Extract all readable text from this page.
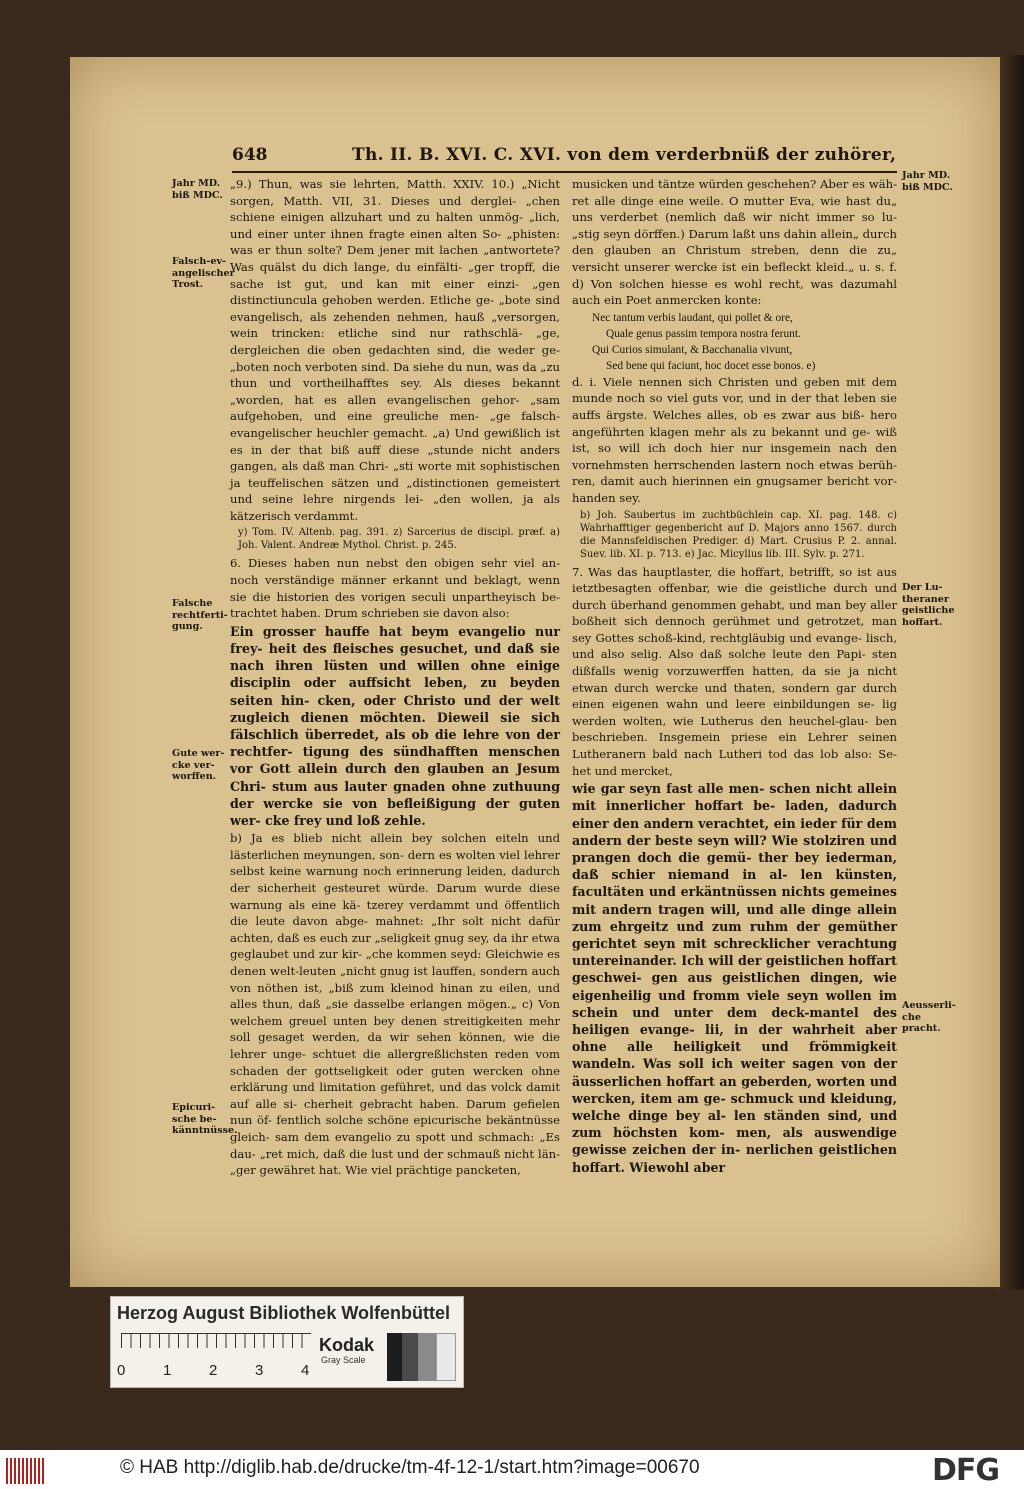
648	Th. II. B. XVI. C. XVI. von dem verderbnüß der zuhörer,
Jahr MD. biß MDC.
Falsch-ev-angelischer Trost.
Falsche rechtferti-gung.
Gute wer-cke ver-worffen.
Epicuri-sche be-känntnüsse.
Jahr MD. biß MDC.
Der Lu-theraner geistliche hoffart.
Aeusserli-che pracht.

„9.) Thun, was sie lehrten, Matth. XXIV. 10.) „Nicht sorgen, Matth. VII, 31. Dieses und derglei- „chen schiene einigen allzuhart und zu halten unmög- „lich, und einer unter ihnen fragte einen alten So- „phisten: was er thun solte? Dem jener mit lachen „antwortete? Was quälst du dich lange, du einfälti- „ger tropff, die sache ist gut, und kan mit einer einzi- „gen distinctiuncula gehoben werden. Etliche ge- „bote sind evangelisch, als zehenden nehmen, hauß „versorgen, wein trincken: etliche sind nur rathschlä- „ge, dergleichen die oben gedachten sind, die weder ge- „boten noch verboten sind. Da siehe du nun, was da „zu thun und vortheilhafftes sey. Als dieses bekannt „worden, hat es allen evangelischen gehor- „sam aufgehoben, und eine greuliche men- „ge falsch-evangelischer heuchler gemacht. „a) Und gewißlich ist es in der that biß auff diese „stunde nicht anders gangen, als daß man Chri- „sti worte mit sophistischen ja teuffelischen sätzen und „distinctionen gemeistert und seine lehre nirgends lei- „den wollen, ja als kätzerisch verdammt.

y) Tom. IV. Altenb. pag. 391. z) Sarcerius de discipl. præf. a) Joh. Valent. Andreæ Mythol. Christ. p. 245.

6. Dieses haben nun nebst den obigen sehr viel an- noch verständige männer erkannt und beklagt, wenn sie die historien des vorigen seculi unpartheyisch be- trachtet haben. Drum schrieben sie davon also:

Ein grosser hauffe hat beym evangelio nur frey- heit des fleisches gesuchet, und daß sie nach ihren lüsten und willen ohne einige disciplin oder auffsicht leben, zu beyden seiten hin- cken, oder Christo und der welt zugleich dienen möchten. Dieweil sie sich fälschlich überredet, als ob die lehre von der rechtfer- tigung des sündhafften menschen vor Gott allein durch den glauben an Jesum Chri- stum aus lauter gnaden ohne zuthuung der wercke sie von befleißigung der guten wer- cke frey und loß zehle.

b) Ja es blieb nicht allein bey solchen eiteln und lästerlichen meynungen, son- dern es wolten viel lehrer selbst keine warnung noch erinnerung leiden, dadurch der sicherheit gesteuret würde. Darum wurde diese warnung als eine kä- tzerey verdammt und öffentlich die leute davon abge- mahnet: „Ihr solt nicht dafür achten, daß es euch zur „seligkeit gnug sey, da ihr etwa geglaubet und zur kir- „che kommen seyd: Gleichwie es denen welt-leuten „nicht gnug ist lauffen, sondern auch von nöthen ist, „biß zum kleinod hinan zu eilen, und alles thun, daß „sie dasselbe erlangen mögen.„ c) Von welchem greuel unten bey denen streitigkeiten mehr soll gesaget werden, da wir sehen können, wie die lehrer unge- schtuet die allergreßlichsten reden vom schaden der gottseligkeit oder guten wercken ohne erklärung und limitation geführet, und das volck damit auf alle si- cherheit gebracht haben. Darum gefielen nun öf- fentlich solche schöne epicurische bekäntnüsse gleich- sam dem evangelio zu spott und schmach: „Es dau- „ret mich, daß die lust und der schmauß nicht län- „ger gewähret hat. Wie viel prächtige pancketen,

musicken und täntze würden geschehen? Aber es wäh- ret alle dinge eine weile. O mutter Eva, wie hast du„ uns verderbet (nemlich daß wir nicht immer so lu- „stig seyn dörffen.) Darum laßt uns dahin allein„ durch den glauben an Christum streben, denn die zu„ versicht unserer wercke ist ein befleckt kleid.„ u. s. f. d) Von solchen hiesse es wohl recht, was dazumahl auch ein Poet anmercken konte:

Nec tantum verbis laudant, qui pollet & ore,
Quale genus passim tempora nostra ferunt.
Qui Curios simulant, & Bacchanalia vivunt,
Sed bene qui faciunt, hoc docet esse bonos. e)

d. i. Viele nennen sich Christen und geben mit dem munde noch so viel guts vor, und in der that leben sie auffs ärgste. Welches alles, ob es zwar aus biß- hero angeführten klagen mehr als zu bekannt und ge- wiß ist, so will ich doch hier nur insgemein nach den vornehmsten herrschenden lastern noch etwas berüh- ren, damit auch hierinnen ein gnugsamer bericht vor- handen sey.

b) Joh. Saubertus im zuchtbüchlein cap. XI. pag. 148. c) Wahrhafftiger gegenbericht auf D. Majors anno 1567. durch die Mannsfeldischen Prediger. d) Mart. Crusius P. 2. annal. Suev. lib. XI. p. 713. e) Jac. Micyllus lib. III. Sylv. p. 271.

7. Was das hauptlaster, die hoffart, betrifft, so ist aus ietztbesagten offenbar, wie die geistliche durch und durch überhand genommen gehabt, und man bey aller boßheit sich dennoch gerühmet und getrotzet, man sey Gottes schoß-kind, rechtgläubig und evange- lisch, und also selig. Also daß solche leute den Papi- sten dißfalls wenig vorzuwerffen hatten, da sie ja nicht etwan durch wercke und thaten, sondern gar durch einen eigenen wahn und leere einbildungen se- lig werden wolten, wie Lutherus den heuchel-glau- ben beschrieben. Insgemein priese ein Lehrer seinen Lutheranern bald nach Lutheri tod das lob also: Se- het und mercket,

wie gar seyn fast alle men- schen nicht allein mit innerlicher hoffart be- laden, dadurch einer den andern verachtet, ein ieder für dem andern der beste seyn will? Wie stolziren und prangen doch die gemü- ther bey iederman, daß schier niemand in al- len künsten, facultäten und erkäntnüssen nichts gemeines mit andern tragen will, und alle dinge allein zum ehrgeitz und zum ruhm der gemüther gerichtet seyn mit schrecklicher verachtung untereinander. Ich will der geistlichen hoffart geschwei- gen aus geistlichen dingen, wie eigenheilig und fromm viele seyn wollen im schein und unter dem deck-mantel des heiligen evange- lii, in der wahrheit aber ohne alle heiligkeit und frömmigkeit wandeln. Was soll ich weiter sagen von der äusserlichen hoffart an geberden, worten und wercken, item am ge- schmuck und kleidung, welche dinge bey al- len ständen sind, und zum höchsten kom- men, als auswendige gewisse zeichen der in- nerlichen geistlichen hoffart. Wiewohl aber

Herzog August Bibliothek Wolfenbüttel
0	1	2	3	4
Kodak
Gray Scale
© HAB http://diglib.hab.de/drucke/tm-4f-12-1/start.htm?image=00670	DFG
